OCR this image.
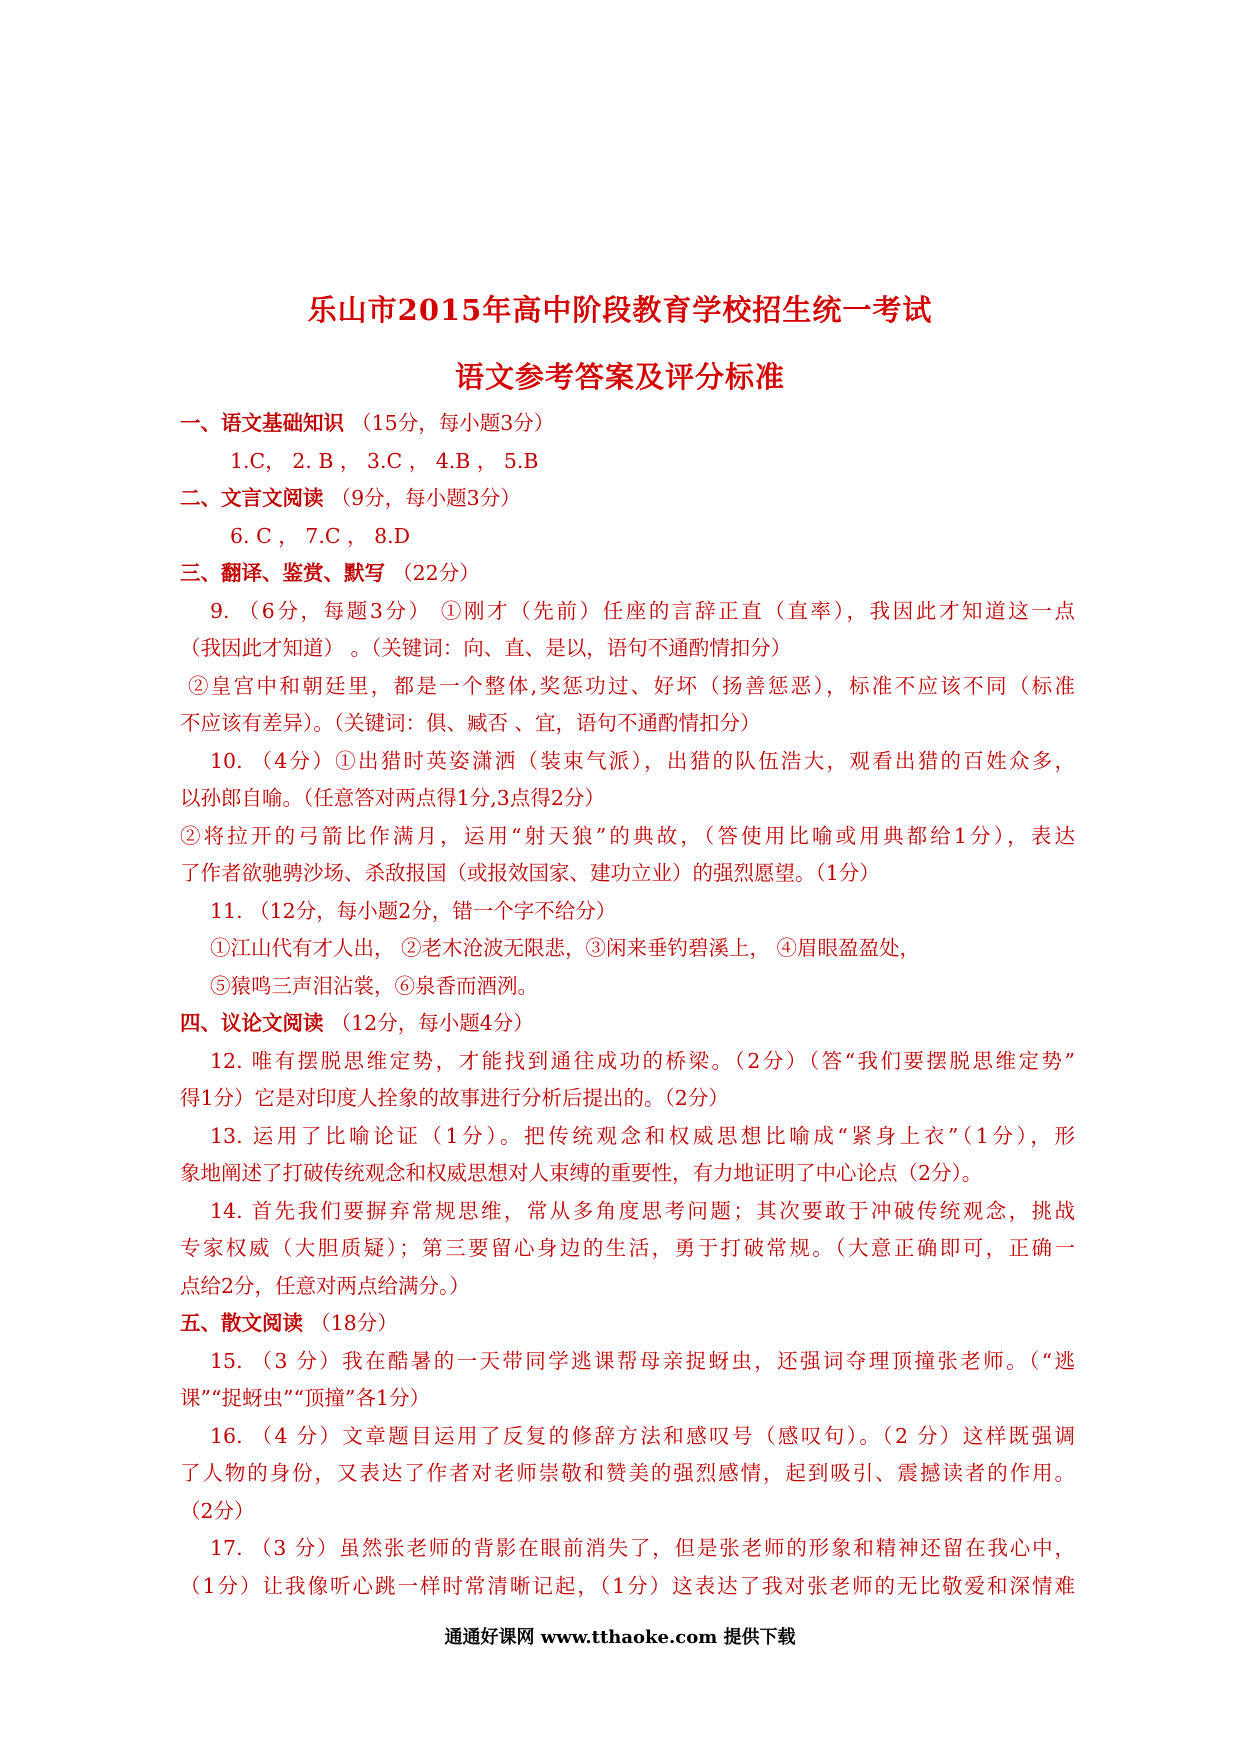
乐山市2015年高中阶段教育学校招生统一考试
语文参考答案及评分标准

一、语文基础知识 （15分，每小题3分）

1.C， 2. B ， 3.C ， 4.B ， 5.B

二、文言文阅读 （9分，每小题3分）

6. C ， 7.C ， 8.D

三、翻译、鉴赏、默写 （22分）

9. （6分，每题3分） ①刚才（先前）任座的言辞正直（直率），我因此才知道这一点

（我因此才知道） 。（关键词：向、直、是以，语句不通酌情扣分）

②皇宫中和朝廷里，都是一个整体,奖惩功过、好坏（扬善惩恶），标准不应该不同（标准

不应该有差异）。（关键词：俱、臧否 、宜，语句不通酌情扣分）

10. （4分）①出猎时英姿潇洒（装束气派），出猎的队伍浩大，观看出猎的百姓众多，

以孙郎自喻。（任意答对两点得1分,3点得2分）

②将拉开的弓箭比作满月，运用“射天狼”的典故，（答使用比喻或用典都给1分），表达

了作者欲驰骋沙场、杀敌报国（或报效国家、建功立业）的强烈愿望。（1分）

11. （12分，每小题2分，错一个字不给分）

①江山代有才人出， ②老木沧波无限悲，③闲来垂钓碧溪上， ④眉眼盈盈处，

⑤猿鸣三声泪沾裳，⑥泉香而酒洌。

四、议论文阅读 （12分，每小题4分）

12. 唯有摆脱思维定势，才能找到通往成功的桥梁。（2分）（答“我们要摆脱思维定势”

得1分）它是对印度人拴象的故事进行分析后提出的。（2分）

13. 运用了比喻论证（1分）。把传统观念和权威思想比喻成“紧身上衣”（1分），形

象地阐述了打破传统观念和权威思想对人束缚的重要性，有力地证明了中心论点（2分）。

14. 首先我们要摒弃常规思维，常从多角度思考问题；其次要敢于冲破传统观念，挑战

专家权威（大胆质疑）；第三要留心身边的生活，勇于打破常规。（大意正确即可，正确一

点给2分，任意对两点给满分。）

五、散文阅读 （18分）

15. （3 分）我在酷暑的一天带同学逃课帮母亲捉蚜虫，还强词夺理顶撞张老师。（“逃

课”“捉蚜虫”“顶撞”各1分）

16. （4 分）文章题目运用了反复的修辞方法和感叹号（感叹句）。（2 分）这样既强调

了人物的身份，又表达了作者对老师崇敬和赞美的强烈感情，起到吸引、震撼读者的作用。

（2分）

17. （3 分）虽然张老师的背影在眼前消失了，但是张老师的形象和精神还留在我心中，

（1分）让我像听心跳一样时常清晰记起，（1分）这表达了我对张老师的无比敬爱和深情难

通通好课网 www.tthaoke.com 提供下载
